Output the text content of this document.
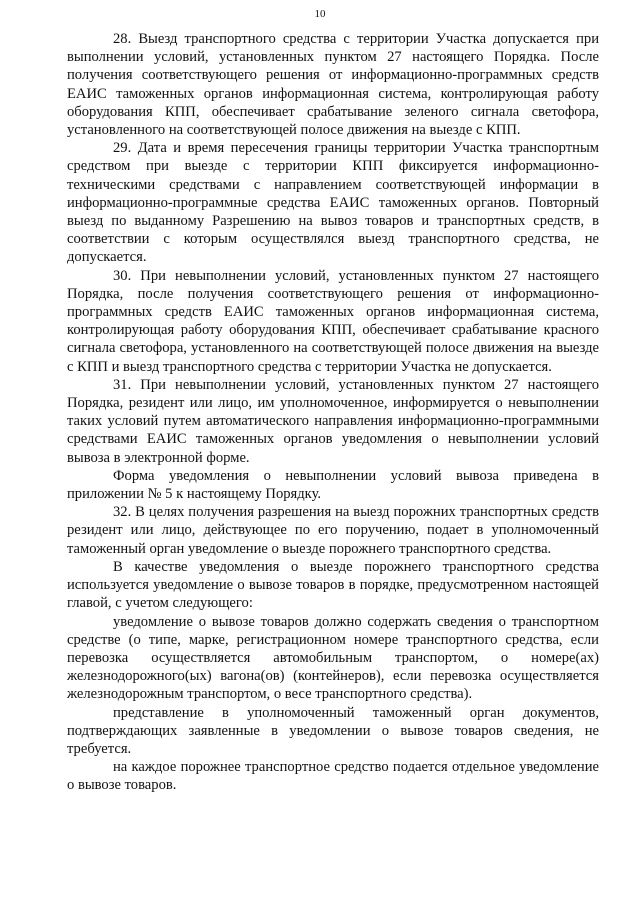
10

28. Выезд транспортного средства с территории Участка допускается при выполнении условий, установленных пунктом 27 настоящего Порядка. После получения соответствующего решения от информационно-программных средств ЕАИС таможенных органов информационная система, контролирующая работу оборудования КПП, обеспечивает срабатывание зеленого сигнала светофора, установленного на соответствующей полосе движения на выезде с КПП.

29. Дата и время пересечения границы территории Участка транспортным средством при выезде с территории КПП фиксируется информационно-техническими средствами с направлением соответствующей информации в информационно-программные средства ЕАИС таможенных органов. Повторный выезд по выданному Разрешению на вывоз товаров и транспортных средств, в соответствии с которым осуществлялся выезд транспортного средства, не допускается.

30. При невыполнении условий, установленных пунктом 27 настоящего Порядка, после получения соответствующего решения от информационно-программных средств ЕАИС таможенных органов информационная система, контролирующая работу оборудования КПП, обеспечивает срабатывание красного сигнала светофора, установленного на соответствующей полосе движения на выезде с КПП и выезд транспортного средства с территории Участка не допускается.

31. При невыполнении условий, установленных пунктом 27 настоящего Порядка, резидент или лицо, им уполномоченное, информируется о невыполнении таких условий путем автоматического направления информационно-программными средствами ЕАИС таможенных органов уведомления о невыполнении условий вывоза в электронной форме.

Форма уведомления о невыполнении условий вывоза приведена в приложении № 5 к настоящему Порядку.

32. В целях получения разрешения на выезд порожних транспортных средств резидент или лицо, действующее по его поручению, подает в уполномоченный таможенный орган уведомление о выезде порожнего транспортного средства.

В качестве уведомления о выезде порожнего транспортного средства используется уведомление о вывозе товаров в порядке, предусмотренном настоящей главой, с учетом следующего:

уведомление о вывозе товаров должно содержать сведения о транспортном средстве (о типе, марке, регистрационном номере транспортного средства, если перевозка осуществляется автомобильным транспортом, о номере(ах) железнодорожного(ых) вагона(ов) (контейнеров), если перевозка осуществляется железнодорожным транспортом, о весе транспортного средства).

представление в уполномоченный таможенный орган документов, подтверждающих заявленные в уведомлении о вывозе товаров сведения, не требуется.

на каждое порожнее транспортное средство подается отдельное уведомление о вывозе товаров.
